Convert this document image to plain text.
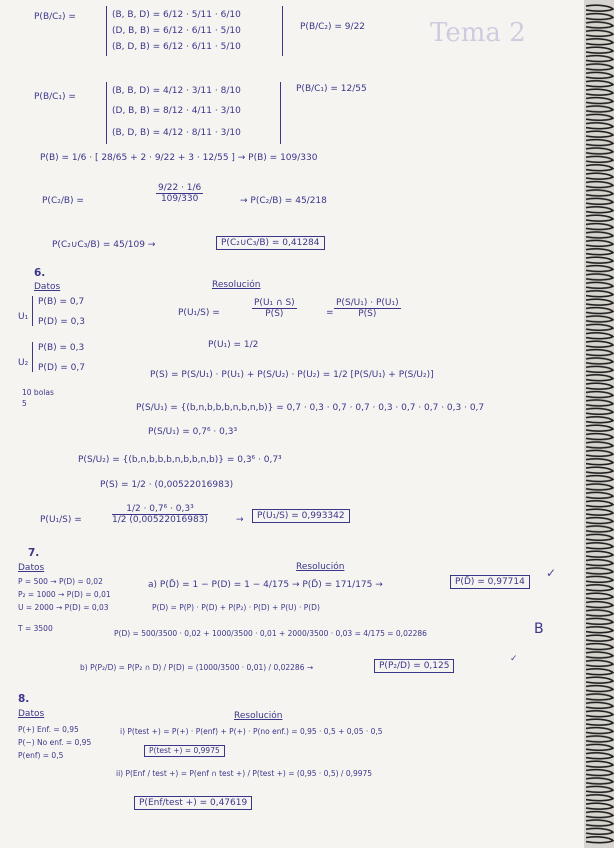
Tema 2
P(B/C₂) =	(B, B, D) = 6/12 · 5/11 · 6/10
(D, B, B) = 6/12 · 6/11 · 5/10
(B, D, B) = 6/12 · 6/11 · 5/10
P(B/C₂) = 9/22
P(B/C₁) =
(B, B, D) = 4/12 · 3/11 · 8/10
(D, B, B) = 8/12 · 4/11 · 3/10
(B, D, B) = 4/12 · 8/11 · 3/10
P(B/C₁) = 12/55
P(B) = 1/6 · [ 28/65 + 2 · 9/22 + 3 · 12/55 ] → P(B) = 109/330
P(C₂/B) =	$\frac{9/22 \cdot 1/6}{109/330}$	→ P(C₂/B) = 45/218
P(C₂∪C₃/B) = 45/109 →	P(C₂∪C₃/B) = 0,41284
6.
Datos
U₁
P(B) = 0,7
P(D) = 0,3
U₂
P(B) = 0,3
P(D) = 0,7
10 bolas
5
Resolución
P(U₁/S) =	$\frac{\text{P(U₁ ∩ S)}}{P(S)}$	= $\frac{\text{P(S/U₁) · P(U₁)}}{P(S)}$
P(U₁) = 1/2
P(S) = P(S/U₁) · P(U₁) + P(S/U₂) · P(U₂) = 1/2 [P(S/U₁) + P(S/U₂)]
P(S/U₁) = {(b,n,b,b,b,n,b,n,b)} = 0,7 · 0,3 · 0,7 · 0,7 · 0,3 · 0,7 · 0,7 · 0,3 · 0,7
P(S/U₁) = 0,7⁶ · 0,3³
P(S/U₂) = {(b,n,b,b,b,n,b,b,n,b)} = 0,3⁶ · 0,7³
P(S) = 1/2 · (0,00522016983)
P(U₁/S) =	$\frac{\text{1/2 · 0,7⁶ · 0,3³}}{1/2 (0,00522016983)}$	→	P(U₁/S) = 0,993342
7.
Datos
P = 500 → P(D) = 0,02
P₂ = 1000 → P(D) = 0,01
U = 2000 → P(D) = 0,03
T = 3500
Resolución
a) P(D̄) = 1 − P(D) = 1 − 4/175 → P(D̄) = 171/175 →	P(D̄) = 0,97714
✓
P(D) = P(P) · P(D) + P(P₂) · P(D) + P(U) · P(D)
P(D) = 500/3500 · 0,02 + 1000/3500 · 0,01 + 2000/3500 · 0,03 = 4/175 = 0,02286	B
b) P(P₂/D) = P(P₂ ∩ D) / P(D) = (1000/3500 · 0,01) / 0,02286 →	P(P₂/D) = 0,125
✓
8.
Datos
P(+) Enf. = 0,95
P(−) No enf. = 0,95
P(enf) = 0,5
Resolución
i) P(test +) = P(+) · P(enf) + P(+) · P(no enf.) = 0,95 · 0,5 + 0,05 · 0,5
P(test +) = 0,9975
ii) P(Enf / test +) = P(enf ∩ test +) / P(test +) = (0,95 · 0,5) / 0,9975
P(Enf/test +) = 0,47619
